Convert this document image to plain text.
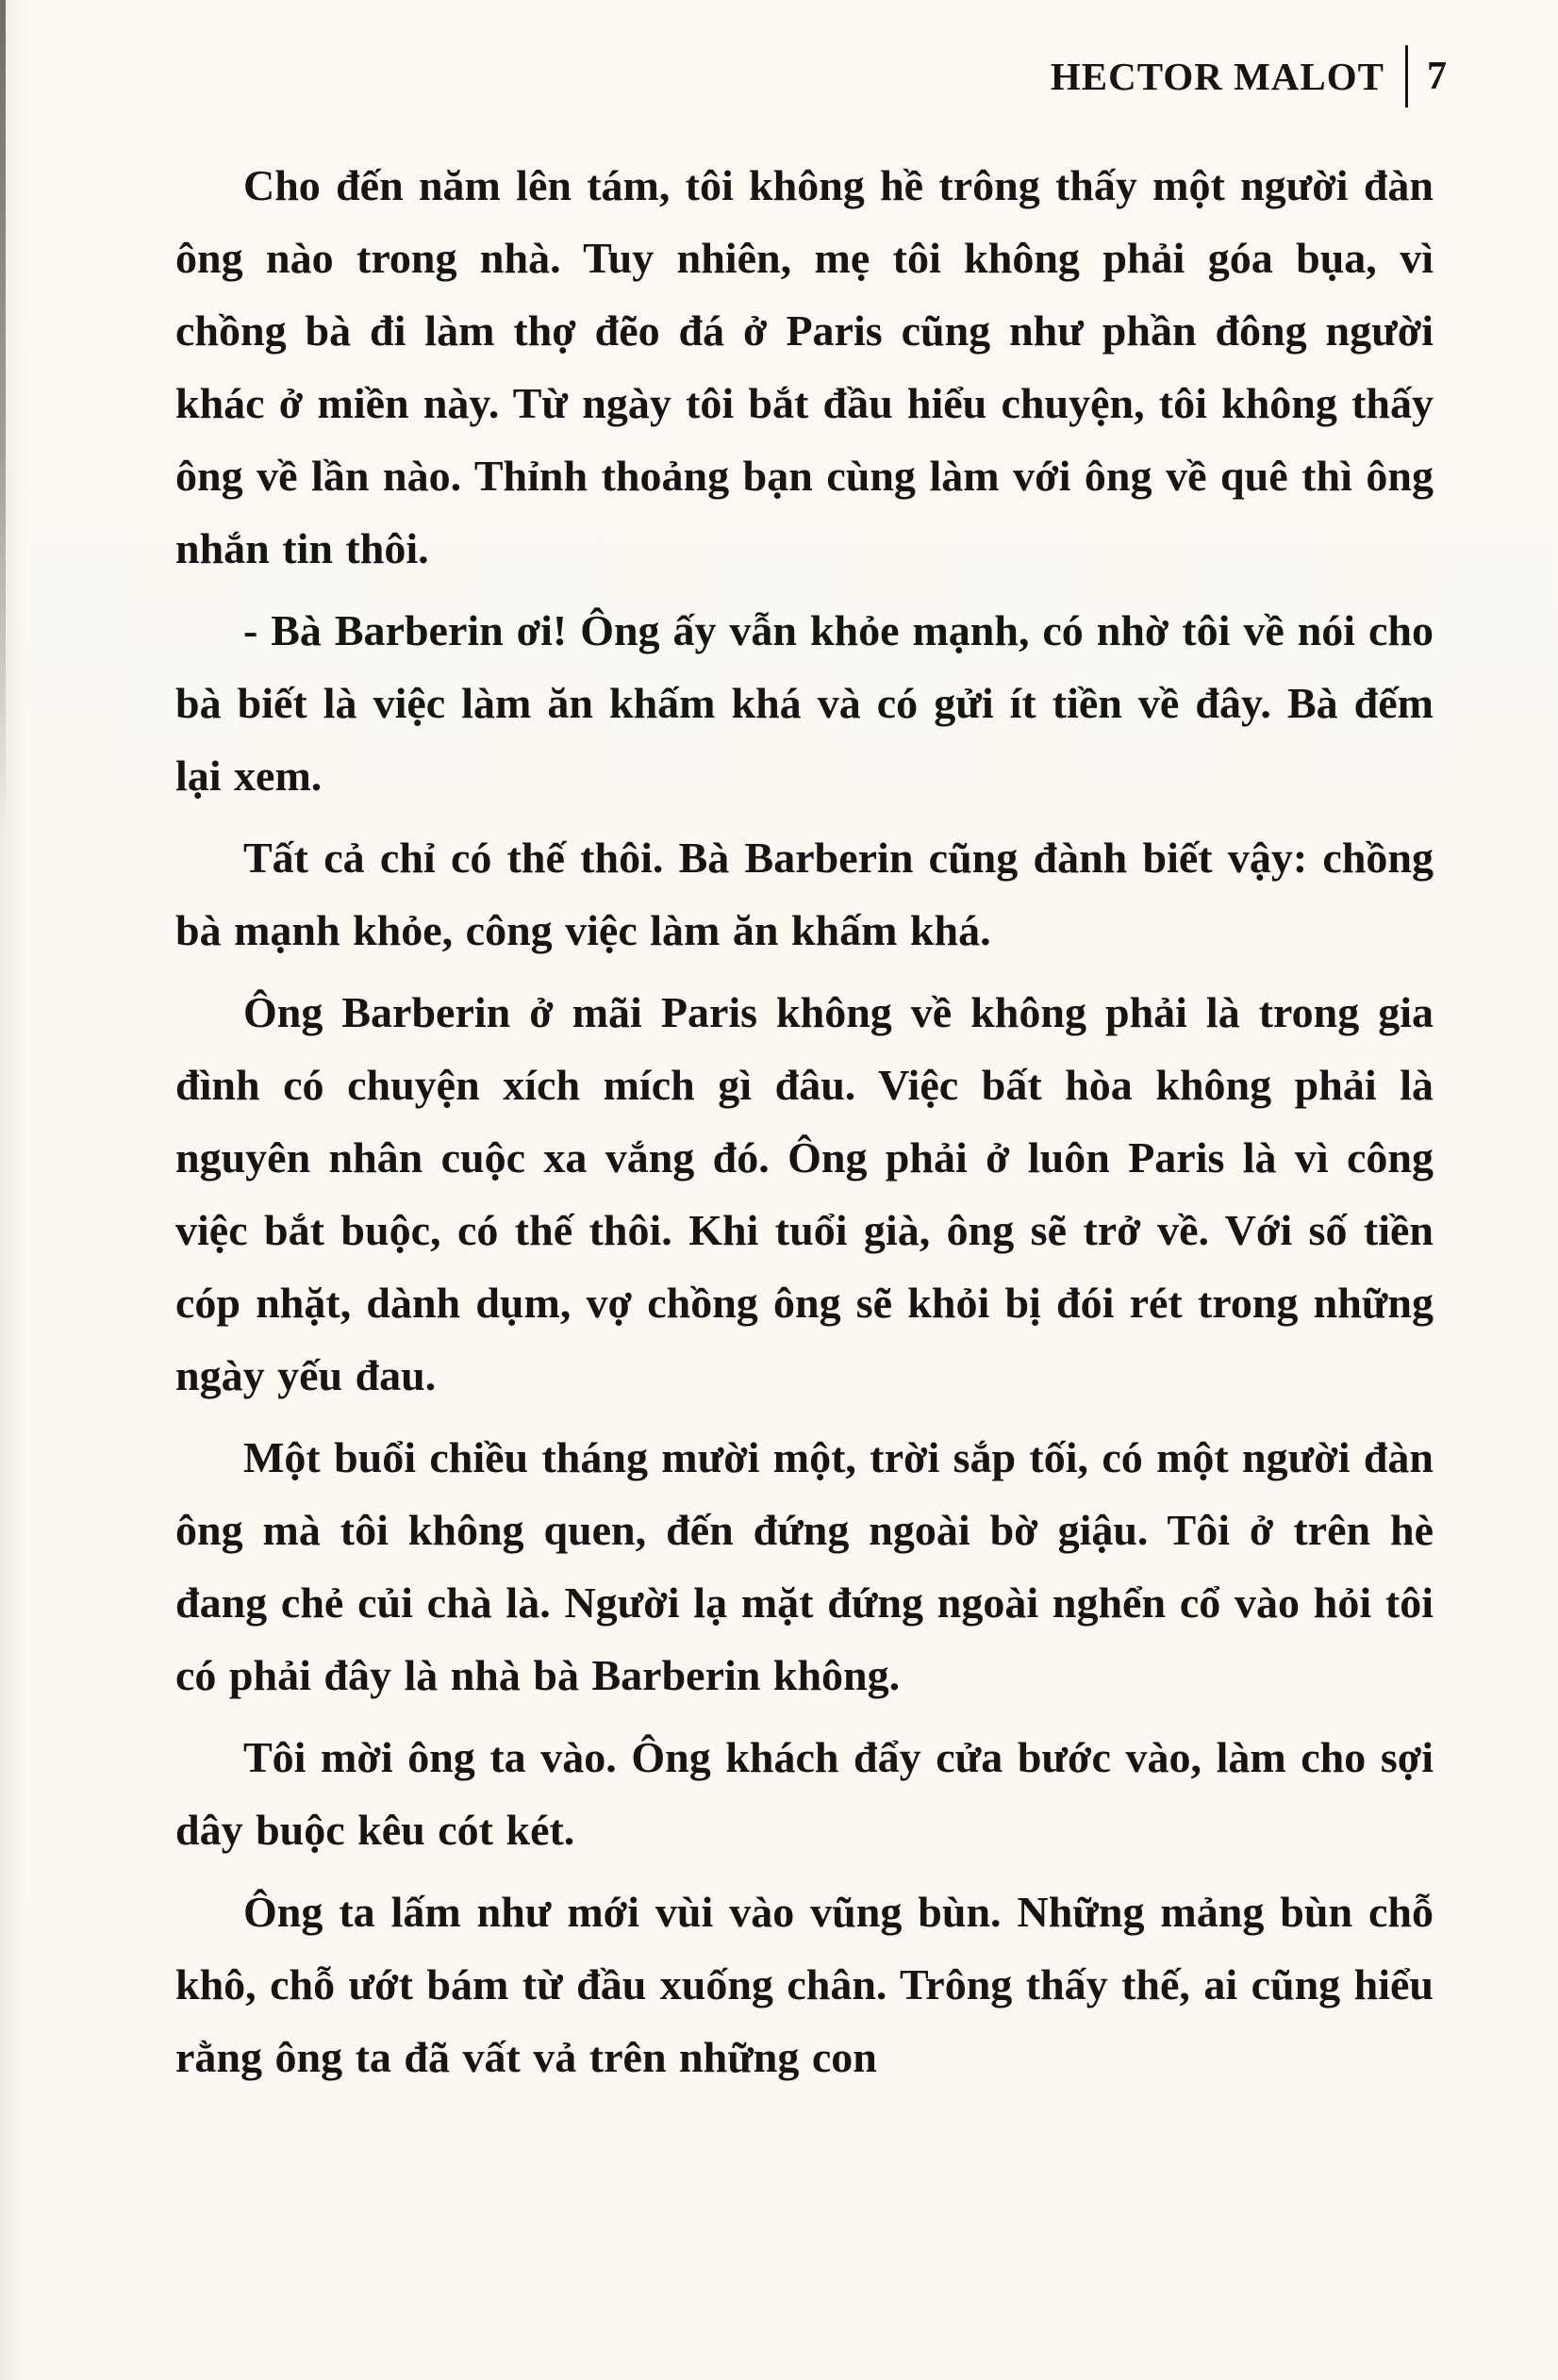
HECTOR MALOT 7

Cho đến năm lên tám, tôi không hề trông thấy một người đàn ông nào trong nhà. Tuy nhiên, mẹ tôi không phải góa bụa, vì chồng bà đi làm thợ đẽo đá ở Paris cũng như phần đông người khác ở miền này. Từ ngày tôi bắt đầu hiểu chuyện, tôi không thấy ông về lần nào. Thỉnh thoảng bạn cùng làm với ông về quê thì ông nhắn tin thôi.

- Bà Barberin ơi! Ông ấy vẫn khỏe mạnh, có nhờ tôi về nói cho bà biết là việc làm ăn khấm khá và có gửi ít tiền về đây. Bà đếm lại xem.

Tất cả chỉ có thế thôi. Bà Barberin cũng đành biết vậy: chồng bà mạnh khỏe, công việc làm ăn khấm khá.

Ông Barberin ở mãi Paris không về không phải là trong gia đình có chuyện xích mích gì đâu. Việc bất hòa không phải là nguyên nhân cuộc xa vắng đó. Ông phải ở luôn Paris là vì công việc bắt buộc, có thế thôi. Khi tuổi già, ông sẽ trở về. Với số tiền cóp nhặt, dành dụm, vợ chồng ông sẽ khỏi bị đói rét trong những ngày yếu đau.

Một buổi chiều tháng mười một, trời sắp tối, có một người đàn ông mà tôi không quen, đến đứng ngoài bờ giậu. Tôi ở trên hè đang chẻ củi chà là. Người lạ mặt đứng ngoài nghển cổ vào hỏi tôi có phải đây là nhà bà Barberin không.

Tôi mời ông ta vào. Ông khách đẩy cửa bước vào, làm cho sợi dây buộc kêu cót két.

Ông ta lấm như mới vùi vào vũng bùn. Những mảng bùn chỗ khô, chỗ ướt bám từ đầu xuống chân. Trông thấy thế, ai cũng hiểu rằng ông ta đã vất vả trên những con
